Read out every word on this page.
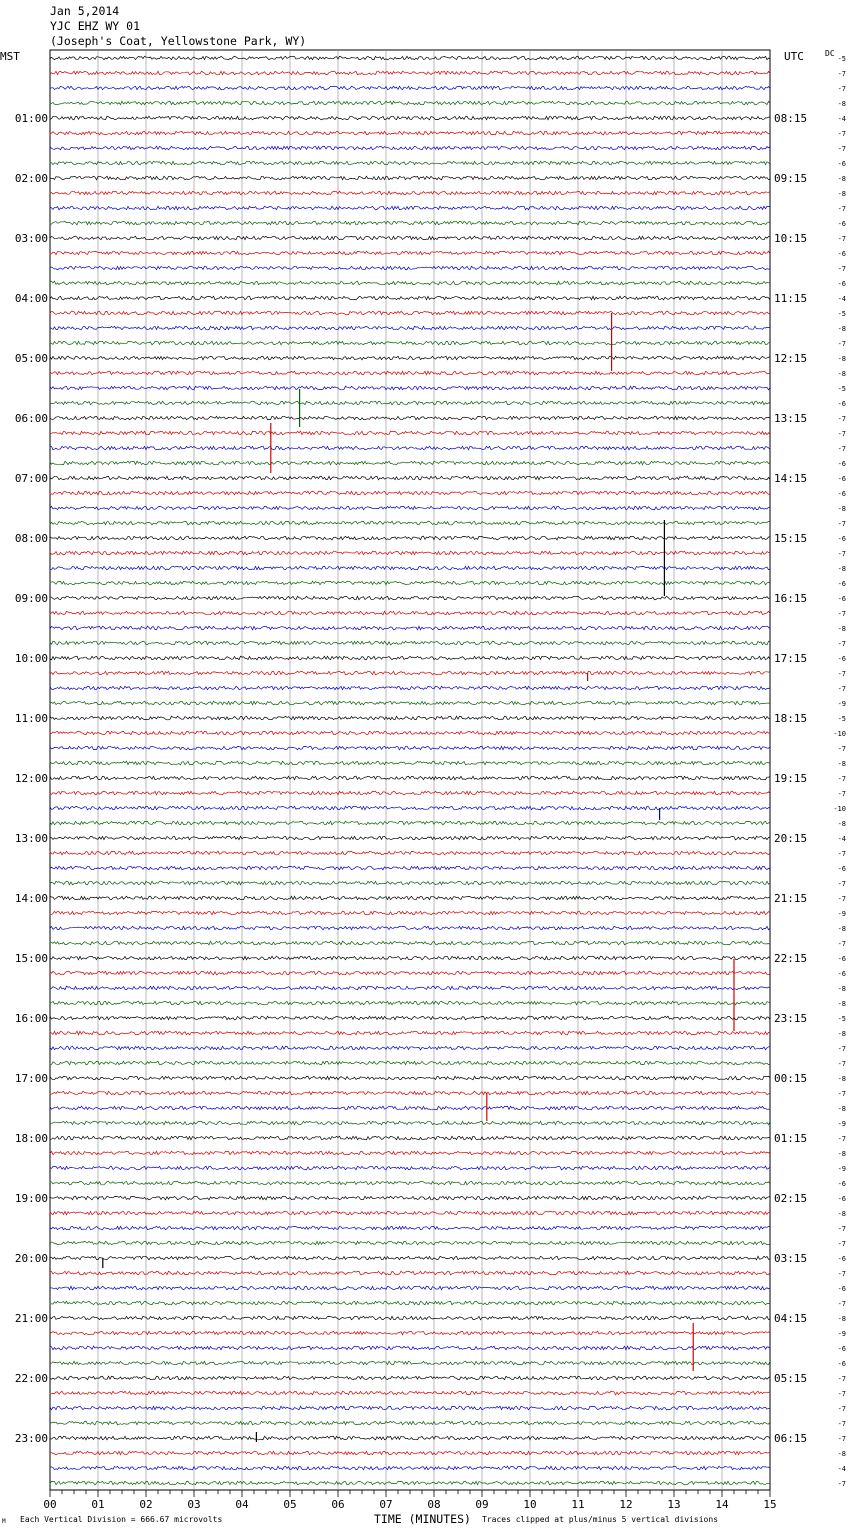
Jan 5,2014
YJC EHZ WY 01
(Joseph's Coat, Yellowstone Park, WY)
MST	UTC	DC
-5
-7
-7
-8
-4
-7
-7
-6
-8
-8
-7
-6
-7
-6
-7
-6
-4
-5
-8
-7
-8
-8
-5
-6
-7
-7
-7
-6
-6
-6
-8
-7
-6
-7
-8
-6
-6
-7
-8
-7
-6
-7
-7
-9
-5
-10
-7
-8
-7
-7
-10
-8
-4
-7
-6
-7
-7
-9
-8
-7
-6
-6
-8
-8
-5
-8
-7
-7
-8
-7
-8
-9
-7
-8
-9
-6
-6
-8
-7
-7
-6
-7
-6
-7
-8
-9
-6
-6
-7
-7
-7
-7
-7
-8
-4
-7
01:00	08:15
02:00	09:15
03:00	10:15
04:00	11:15
05:00	12:15
06:00	13:15
07:00	14:15
08:00	15:15
09:00	16:15
10:00	17:15
11:00	18:15
12:00	19:15
13:00	20:15
14:00	21:15
15:00	22:15
16:00	23:15
17:00	00:15
18:00	01:15
19:00	02:15
20:00	03:15
21:00	04:15
22:00	05:15
23:00	06:15
00	01	02	03	04	05	06	07	08	09	10	11	12	13	14	15
M Each Vertical Division = 666.67 microvolts	TIME (MINUTES) Traces clipped at plus/minus 5 vertical divisions
